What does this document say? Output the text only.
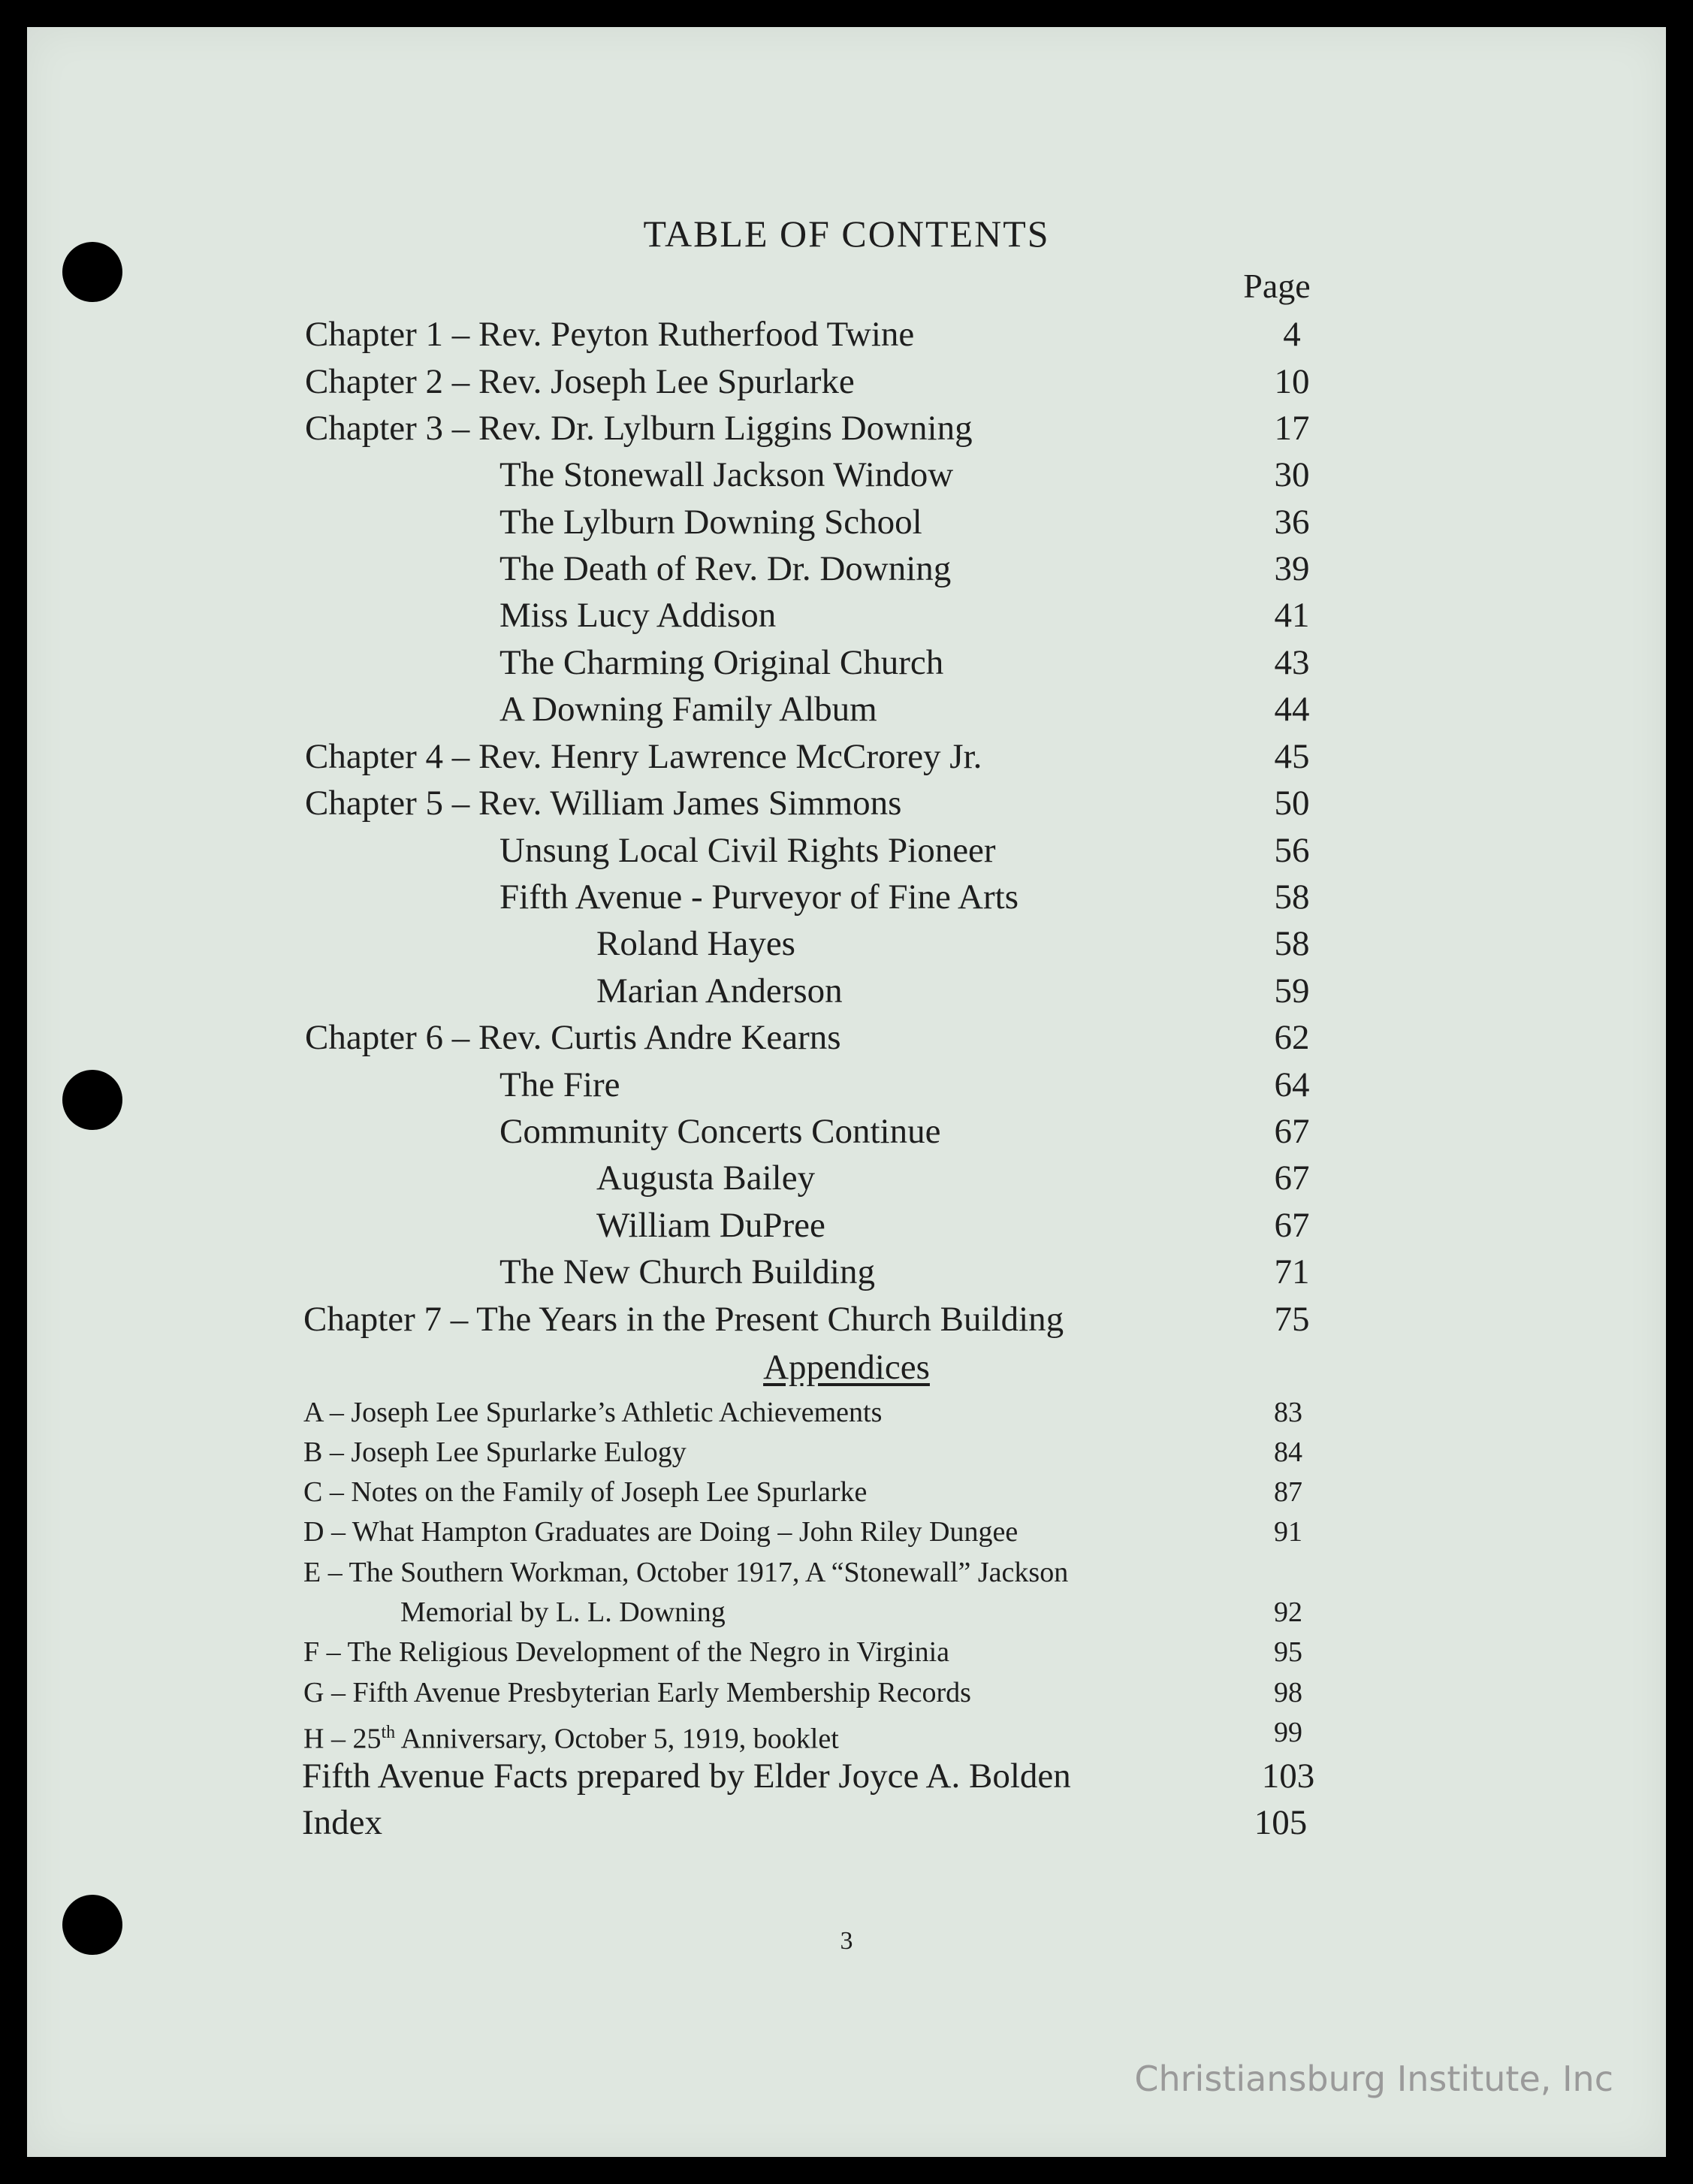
TABLE OF CONTENTS
Page
Chapter 1 – Rev. Peyton Rutherfood Twine	4
Chapter 2 – Rev. Joseph Lee Spurlarke	10
Chapter 3 – Rev. Dr. Lylburn Liggins Downing	17
The Stonewall Jackson Window	30
The Lylburn Downing School	36
The Death of Rev. Dr. Downing	39
Miss Lucy Addison	41
The Charming Original Church	43
A Downing Family Album	44
Chapter 4 – Rev. Henry Lawrence McCrorey Jr.	45
Chapter 5 – Rev. William James Simmons	50
Unsung Local Civil Rights Pioneer	56
Fifth Avenue - Purveyor of Fine Arts	58
Roland Hayes	58
Marian Anderson	59
Chapter 6 – Rev. Curtis Andre Kearns	62
The Fire	64
Community Concerts Continue	67
Augusta Bailey	67
William DuPree	67
The New Church Building	71
Chapter 7 – The Years in the Present Church Building	75
Appendices
A – Joseph Lee Spurlarke’s Athletic Achievements	83
B – Joseph Lee Spurlarke Eulogy	84
C – Notes on the Family of Joseph Lee Spurlarke	87
D – What Hampton Graduates are Doing – John Riley Dungee	91
E – The Southern Workman, October 1917, A “Stonewall” Jackson
Memorial by L. L. Downing	92
F – The Religious Development of the Negro in Virginia	95
G – Fifth Avenue Presbyterian Early Membership Records	98
H – 25th Anniversary, October 5, 1919, booklet	99
Fifth Avenue Facts prepared by Elder Joyce A. Bolden	103
Index	105
3
Christiansburg Institute, Inc
